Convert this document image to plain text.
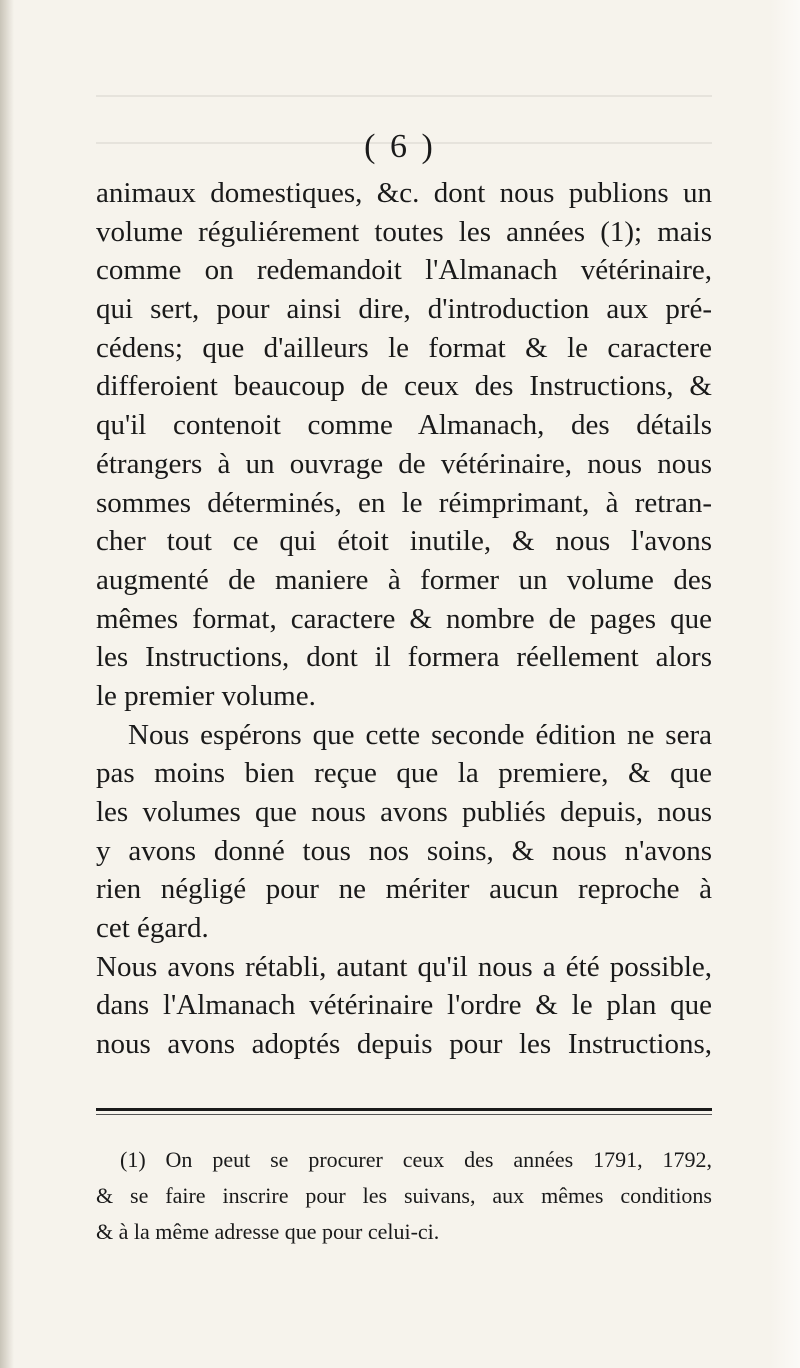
( 6 )
animaux domestiques, &c. dont nous publions un
volume réguliérement toutes les années (1); mais
comme on redemandoit l'Almanach vétérinaire,
qui sert, pour ainsi dire, d'introduction aux pré-
cédens; que d'ailleurs le format & le caractere
differoient beaucoup de ceux des Instructions, &
qu'il contenoit comme Almanach, des détails
étrangers à un ouvrage de vétérinaire, nous nous
sommes déterminés, en le réimprimant, à retran-
cher tout ce qui étoit inutile, & nous l'avons
augmenté de maniere à former un volume des
mêmes format, caractere & nombre de pages que
les Instructions, dont il formera réellement alors
le premier volume.
Nous espérons que cette seconde édition ne sera
pas moins bien reçue que la premiere, & que
les volumes que nous avons publiés depuis, nous
y avons donné tous nos soins, & nous n'avons
rien négligé pour ne mériter aucun reproche à
cet égard.
Nous avons rétabli, autant qu'il nous a été possible,
dans l'Almanach vétérinaire l'ordre & le plan que
nous avons adoptés depuis pour les Instructions,
(1) On peut se procurer ceux des années 1791, 1792,
& se faire inscrire pour les suivans, aux mêmes conditions
& à la même adresse que pour celui-ci.
